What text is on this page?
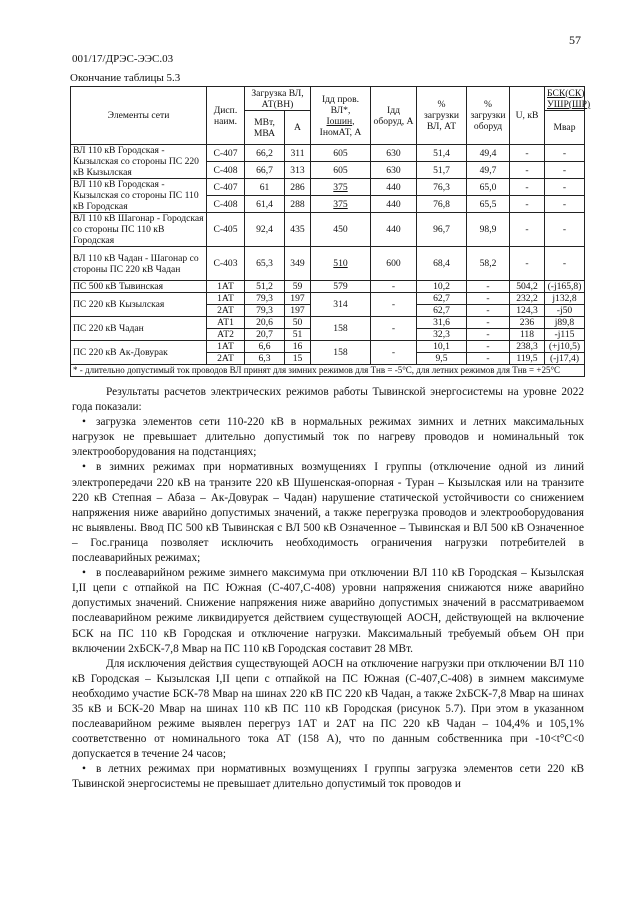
57
001/17/ДРЭС-ЭЭС.03
Окончание таблицы 5.3
Элементы сети	Дисп. наим.	Загрузка ВЛ, АТ(ВН)		Iдд пров. ВЛ*,
Iошин,
IномАТ, А	Iдд оборуд, А	% загрузки ВЛ, АТ	% загрузки оборуд	U, кВ	БСК(СК) УШР(ШР)
		МВт, МВА	А						Мвар
ВЛ 110 кВ Городская - Кызылская со стороны ПС 220 кВ Кызылская	С-407	66,2	311	605	630	51,4	49,4	-	-
	С-408	66,7	313	605	630	51,7	49,7	-	-
ВЛ 110 кВ Городская - Кызылская со стороны ПС 110 кВ Городская	С-407	61	286	375	440	76,3	65,0	-	-
	С-408	61,4	288	375	440	76,8	65,5	-	-
ВЛ 110 кВ Шагонар - Городская со стороны ПС 110 кВ Городская	С-405	92,4	435	450	440	96,7	98,9	-	-
ВЛ 110 кВ Чадан - Шагонар со стороны ПС 220 кВ Чадан	С-403	65,3	349	510	600	68,4	58,2	-	-
ПС 500 кВ Тывинская	1АТ	51,2	59	579	-	10,2	-	504,2	(-j165,8)
ПС 220 кВ Кызылская	1АТ	79,3	197	314	-	62,7	-	232,2	j132,8
	2АТ	79,3	197			62,7	-	124,3	-j50
ПС 220 кВ Чадан	АТ1	20,6	50	158	-	31,6	-	236	j89,8
	АТ2	20,7	51			32,3	-	118	-j115
ПС 220 кВ Ак-Довурак	1АТ	6,6	16	158	-	10,1	-	238,3	(+j10,5)
	2АТ	6,3	15			9,5	-	119,5	(-j17,4)
* - длительно допустимый ток проводов ВЛ принят для зимних режимов для Тнв = -5°С, для летних режимов для Тнв = +25°С									

Результаты расчетов электрических режимов работы Тывинской энергосистемы на уровне 2022 года показали:

• загрузка элементов сети 110-220 кВ в нормальных режимах зимних и летних максимальных нагрузок не превышает длительно допустимый ток по нагреву проводов и номинальный ток электрооборудования на подстанциях;

• в зимних режимах при нормативных возмущениях I группы (отключение одной из линий электропередачи 220 кВ на транзите 220 кВ Шушенская-опорная - Туран – Кызылская или на транзите 220 кВ Степная – Абаза – Ак-Довурак – Чадан) нарушение статической устойчивости со снижением напряжения ниже аварийно допустимых значений, а также перегрузка проводов и электрооборудования нс выявлены. Ввод ПС 500 кВ Тывинская с ВЛ 500 кВ Означенное – Тывинская и ВЛ 500 кВ Означенное – Гос.граница позволяет исключить необходимость ограничения нагрузки потребителей в послеаварийных режимах;

• в послеаварийном режиме зимнего максимума при отключении ВЛ 110 кВ Городская – Кызылская I,II цепи с отпайкой на ПС Южная (С-407,С-408) уровни напряжения снижаются ниже аварийно допустимых значений. Снижение напряжения ниже аварийно допустимых значений в рассматриваемом послеаварийном режиме ликвидируется действием существующей АОСН, действующей на включение БСК на ПС 110 кВ Городская и отключение нагрузки. Максимальный требуемый объем ОН при включении 2хБСК-7,8 Мвар на ПС 110 кВ Городская составит 28 МВт.

Для исключения действия существующей АОСН на отключение нагрузки при отключении ВЛ 110 кВ Городская – Кызылская I,II цепи с отпайкой на ПС Южная (С-407,С-408) в зимнем максимуме необходимо участие БСК-78 Мвар на шинах 220 кВ ПС 220 кВ Чадан, а также 2хБСК-7,8 Мвар на шинах 35 кВ и БСК-20 Мвар на шинах 110 кВ ПС 110 кВ Городская (рисунок 5.7). При этом в указанном послеаварийном режиме выявлен перегруз 1АТ и 2АТ на ПС 220 кВ Чадан – 104,4% и 105,1% соответственно от номинального тока АТ (158 А), что по данным собственника при -10<t°C<0 допускается в течение 24 часов;

• в летних режимах при нормативных возмущениях I группы загрузка элементов сети 220 кВ Тывинской энергосистемы не превышает длительно допустимый ток проводов и
